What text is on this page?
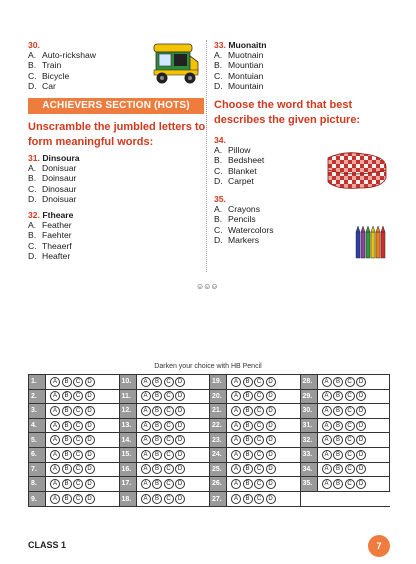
30.
A. Auto-rickshaw
B. Train
C. Bicycle
D. Car
ACHIEVERS SECTION (HOTS)
Unscramble the jumbled letters to form meaningful words:
31. Dinsoura
A. Donisuar
B. Doinsaur
C. Dinosaur
D. Dnoisuar
32. Ftheare
A. Feather
B. Faehter
C. Theaerf
D. Heafter
33. Muonaitn
A. Muotnain
B. Mountian
C. Montuian
D. Mountain
Choose the word that best describes the given picture:
34.
A. Pillow
B. Bedsheet
C. Blanket
D. Carpet
35.
A. Crayons
B. Pencils
C. Watercolors
D. Markers
☺☺☺
Darken your choice with HB Pencil
1.	A	B	C	D	10.	A	B	C	D	19.	A	B	C	D	28.	A	B	C	D
2.	A	B	C	D	11.	A	B	C	D	20.	A	B	C	D	29.	A	B	C	D
3.	A	B	C	D	12.	A	B	C	D	21.	A	B	C	D	30.	A	B	C	D
4.	A	B	C	D	13.	A	B	C	D	22.	A	B	C	D	31.	A	B	C	D
5.	A	B	C	D	14.	A	B	C	D	23.	A	B	C	D	32.	A	B	C	D
6.	A	B	C	D	15.	A	B	C	D	24.	A	B	C	D	33.	A	B	C	D
7.	A	B	C	D	16.	A	B	C	D	25.	A	B	C	D	34.	A	B	C	D
8.	A	B	C	D	17.	A	B	C	D	26.	A	B	C	D	35.	A	B	C	D
9.	A	B	C	D	18.	A	B	C	D	27.	A	B	C	D
CLASS 1	7
